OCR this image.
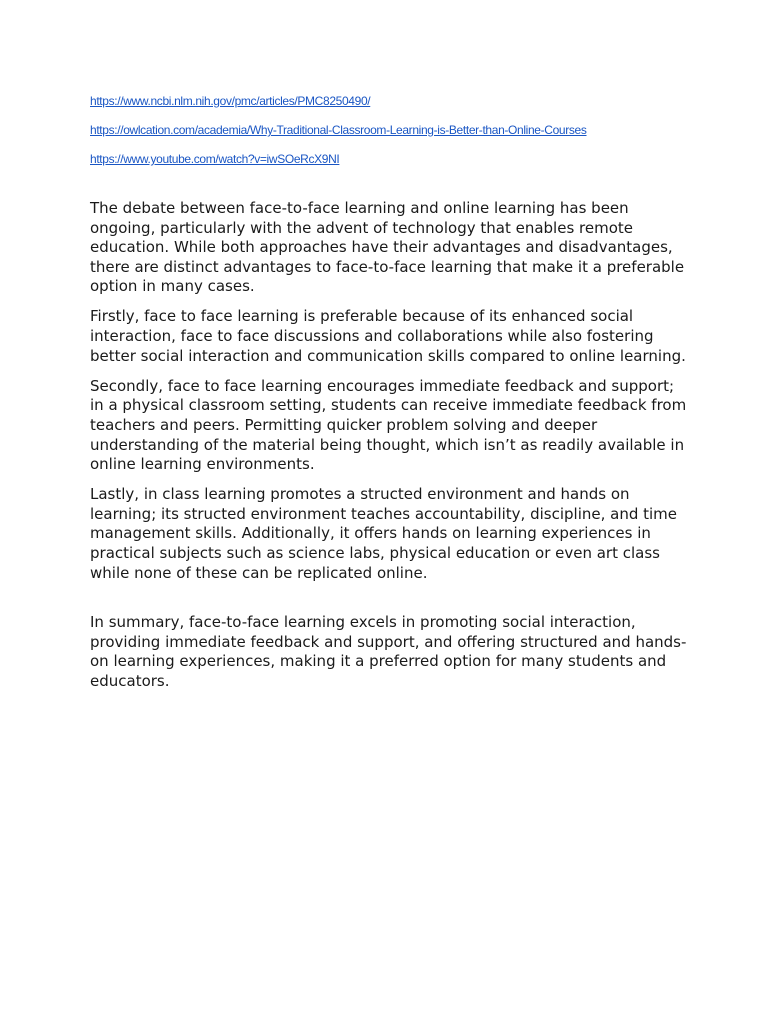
https://www.ncbi.nlm.nih.gov/pmc/articles/PMC8250490/
https://owlcation.com/academia/Why-Traditional-Classroom-Learning-is-Better-than-Online-Courses
https://www.youtube.com/watch?v=iwSOeRcX9NI

The debate between face-to-face learning and online learning has been ongoing, particularly with the advent of technology that enables remote education. While both approaches have their advantages and disadvantages, there are distinct advantages to face-to-face learning that make it a preferable option in many cases.

Firstly, face to face learning is preferable because of its enhanced social interaction, face to face discussions and collaborations while also fostering better social interaction and communication skills compared to online learning.

Secondly, face to face learning encourages immediate feedback and support; in a physical classroom setting, students can receive immediate feedback from teachers and peers. Permitting quicker problem solving and deeper understanding of the material being thought, which isn’t as readily available in online learning environments.

Lastly, in class learning promotes a structed environment and hands on learning; its structed environment teaches accountability, discipline, and time management skills. Additionally, it offers hands on learning experiences in practical subjects such as science labs, physical education or even art class while none of these can be replicated online.

In summary, face-to-face learning excels in promoting social interaction, providing immediate feedback and support, and offering structured and hands-on learning experiences, making it a preferred option for many students and educators.
